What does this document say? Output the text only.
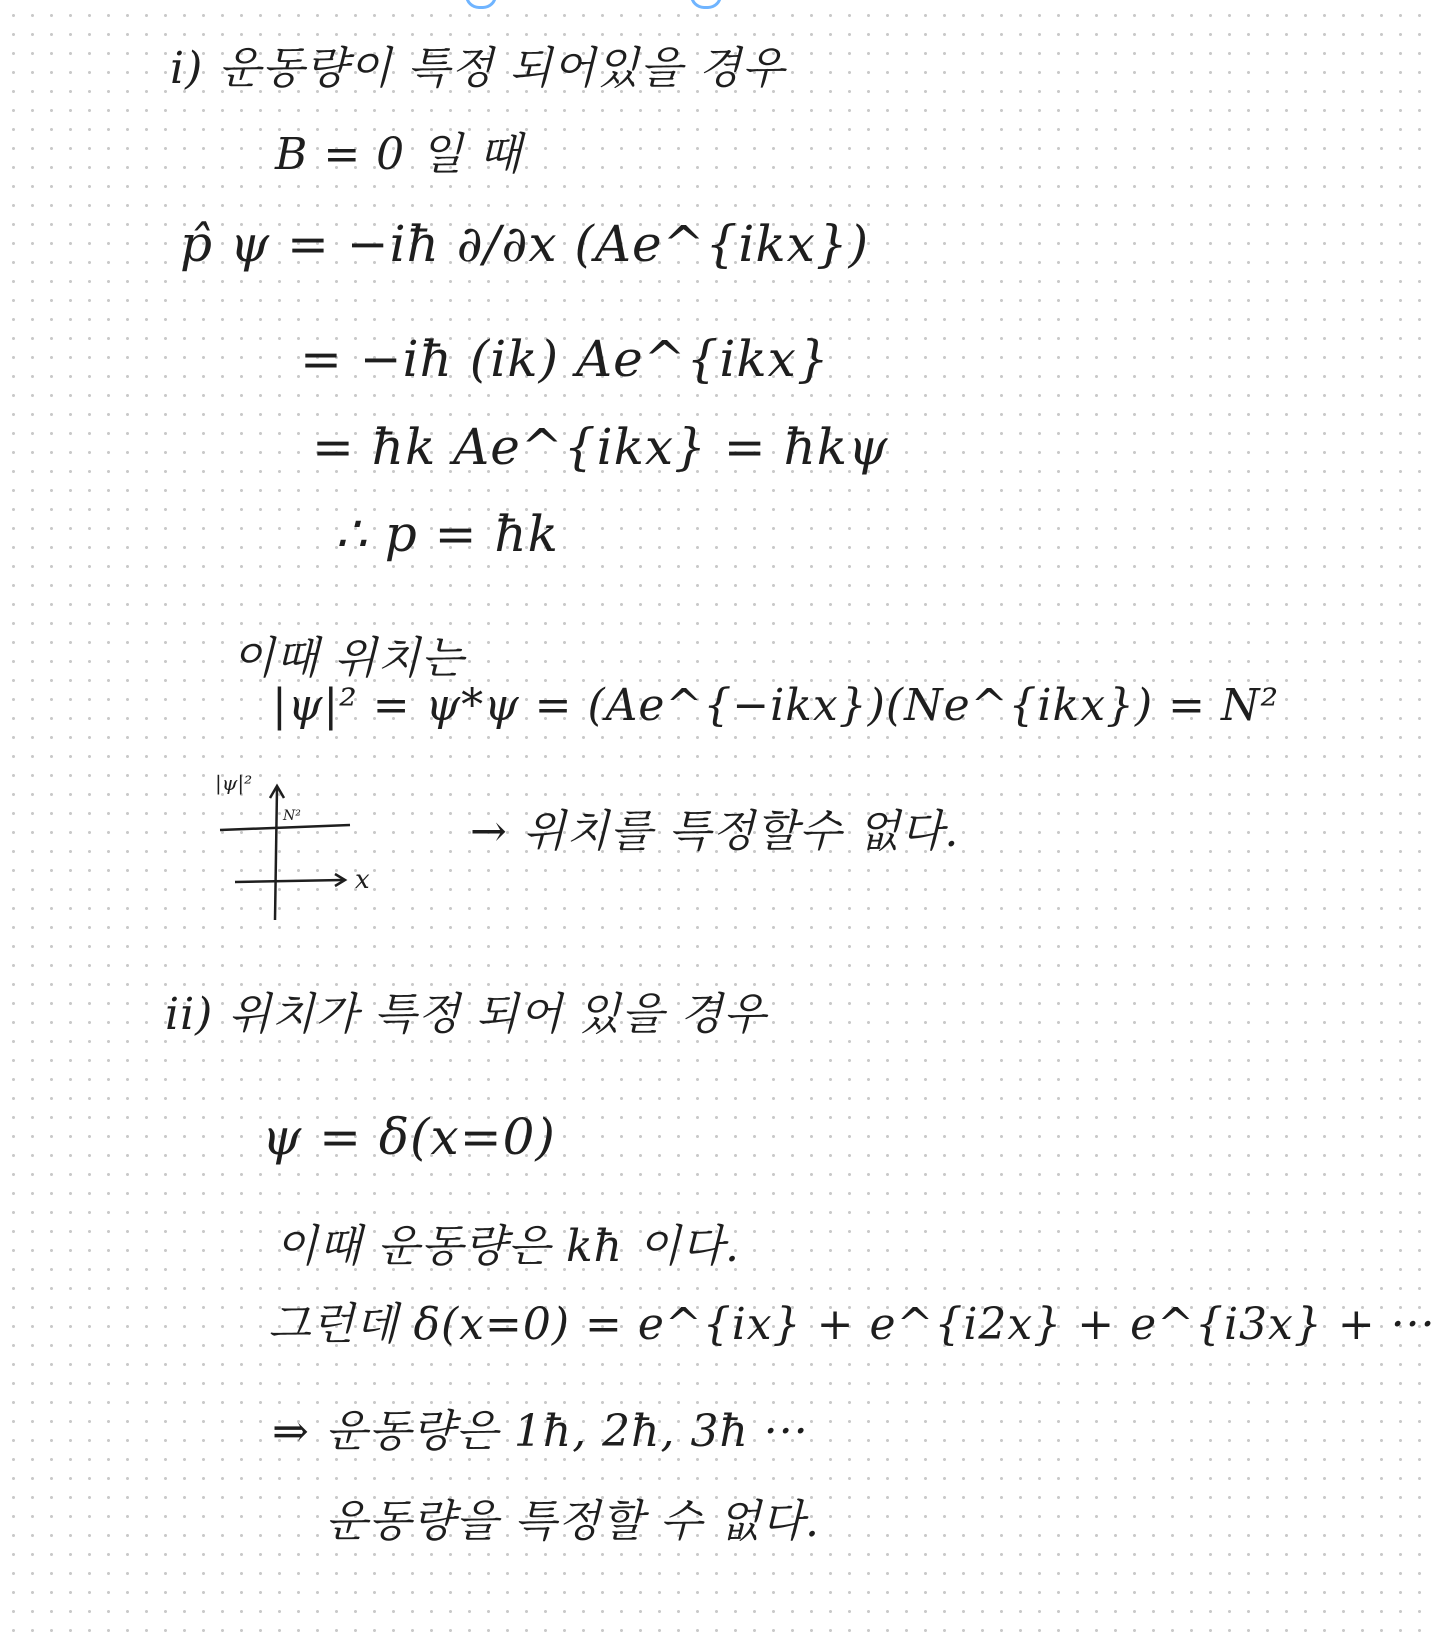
i) 운동량이 특정 되어있을 경우
B = 0 일 때
p̂ ψ = −iħ ∂/∂x (Ae^{ikx})
= −iħ (ik) Ae^{ikx}
= ħk Ae^{ikx} = ħkψ
∴ p = ħk
이때 위치는
|ψ|² = ψ*ψ = (Ae^{−ikx})(Ne^{ikx}) = N²
|ψ|²
N²
x
→ 위치를 특정할수 없다.
ii) 위치가 특정 되어 있을 경우
ψ = δ(x=0)
이때 운동량은 kħ 이다.
그런데 δ(x=0) = e^{ix} + e^{i2x} + e^{i3x} + ···
⇒ 운동량은 1ħ, 2ħ, 3ħ ···
운동량을 특정할 수 없다.
